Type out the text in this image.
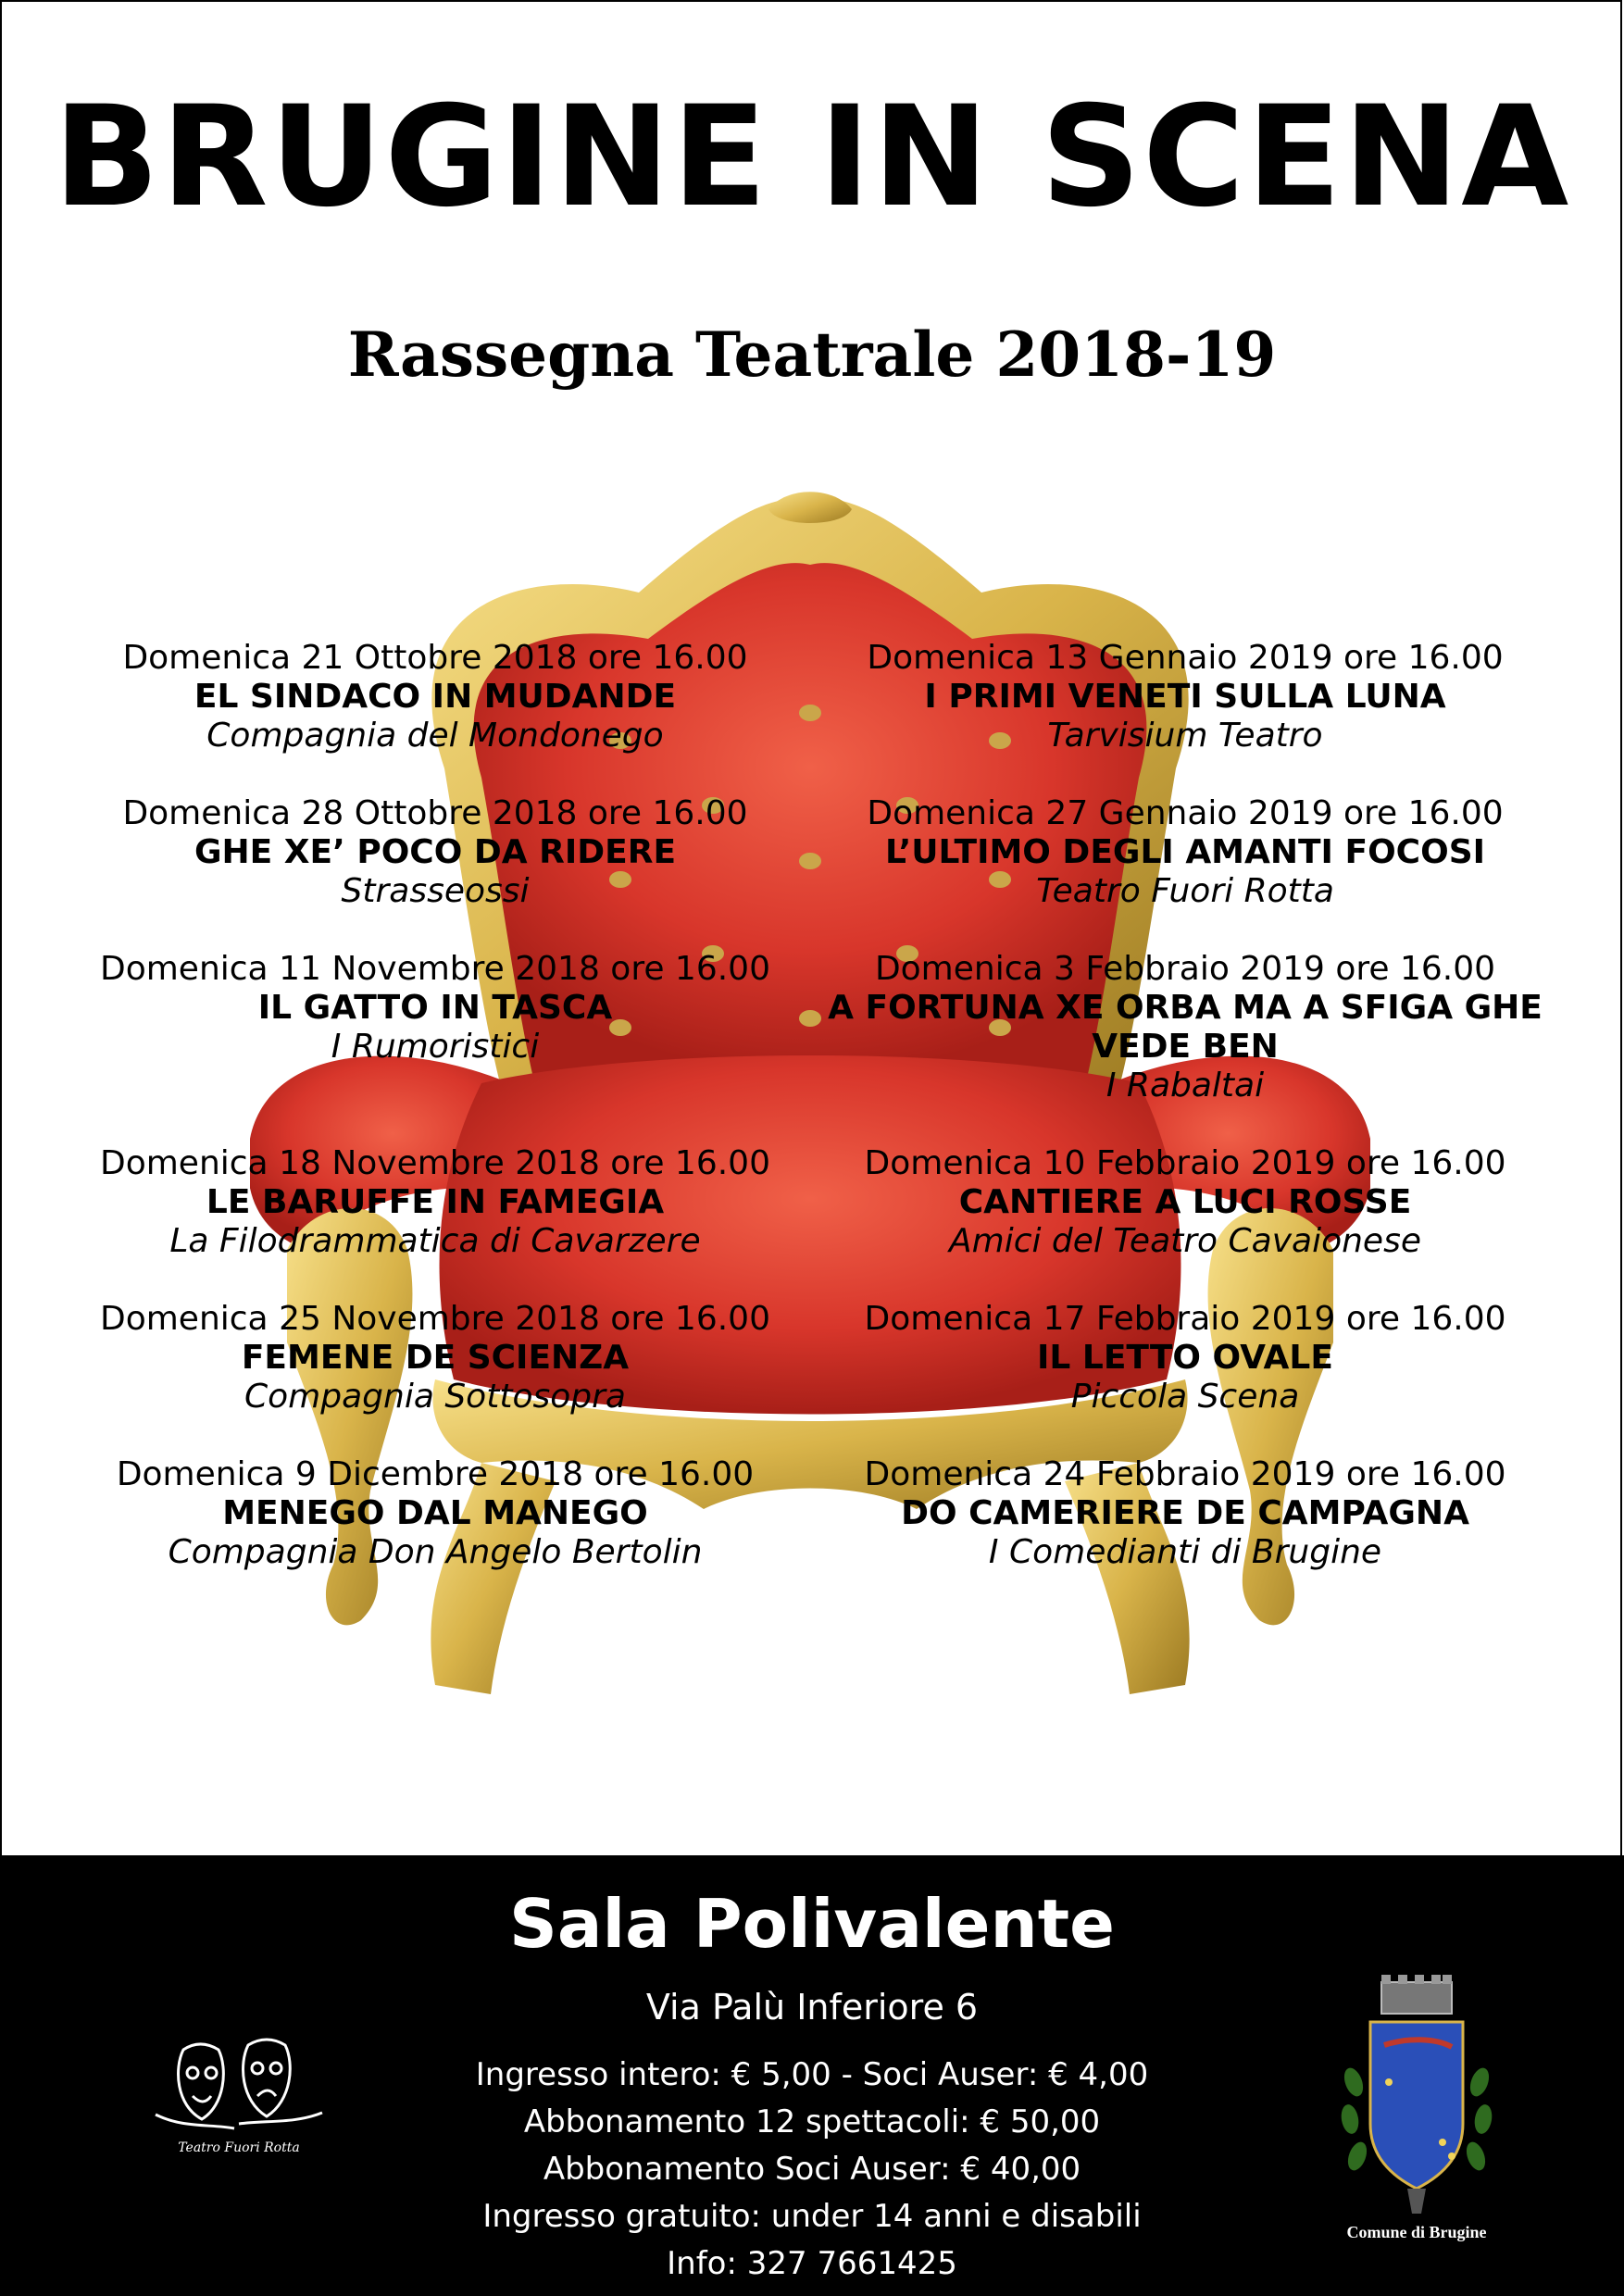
BRUGINE IN SCENA
Rassegna Teatrale 2018-19
Domenica 21 Ottobre 2018 ore 16.00
EL SINDACO IN MUDANDE
Compagnia del Mondonego
Domenica 28 Ottobre 2018 ore 16.00
GHE XE’ POCO DA RIDERE
Strasseossi
Domenica 11 Novembre 2018 ore 16.00
IL GATTO IN TASCA
I Rumoristici
Domenica 18 Novembre 2018 ore 16.00
LE BARUFFE IN FAMEGIA
La Filodrammatica di Cavarzere
Domenica 25 Novembre 2018 ore 16.00
FEMENE DE SCIENZA
Compagnia Sottosopra
Domenica 9 Dicembre 2018 ore 16.00
MENEGO DAL MANEGO
Compagnia Don Angelo Bertolin
Domenica 13 Gennaio 2019 ore 16.00
I PRIMI VENETI SULLA LUNA
Tarvisium Teatro
Domenica 27 Gennaio 2019 ore 16.00
L’ULTIMO DEGLI AMANTI FOCOSI
Teatro Fuori Rotta
Domenica 3 Febbraio 2019 ore 16.00
A FORTUNA XE ORBA MA A SFIGA GHE VEDE BEN
I Rabaltai
Domenica 10 Febbraio 2019 ore 16.00
CANTIERE A LUCI ROSSE
Amici del Teatro Cavaionese
Domenica 17 Febbraio 2019 ore 16.00
IL LETTO OVALE
Piccola Scena
Domenica 24 Febbraio 2019 ore 16.00
DO CAMERIERE DE CAMPAGNA
I Comedianti di Brugine
Sala Polivalente
Via Palù Inferiore 6
Ingresso intero: € 5,00 - Soci Auser: € 4,00
Abbonamento 12 spettacoli: € 50,00
Abbonamento Soci Auser: € 40,00
Ingresso gratuito: under 14 anni e disabili
Info: 327 7661425
Teatro Fuori Rotta
Comune di Brugine
